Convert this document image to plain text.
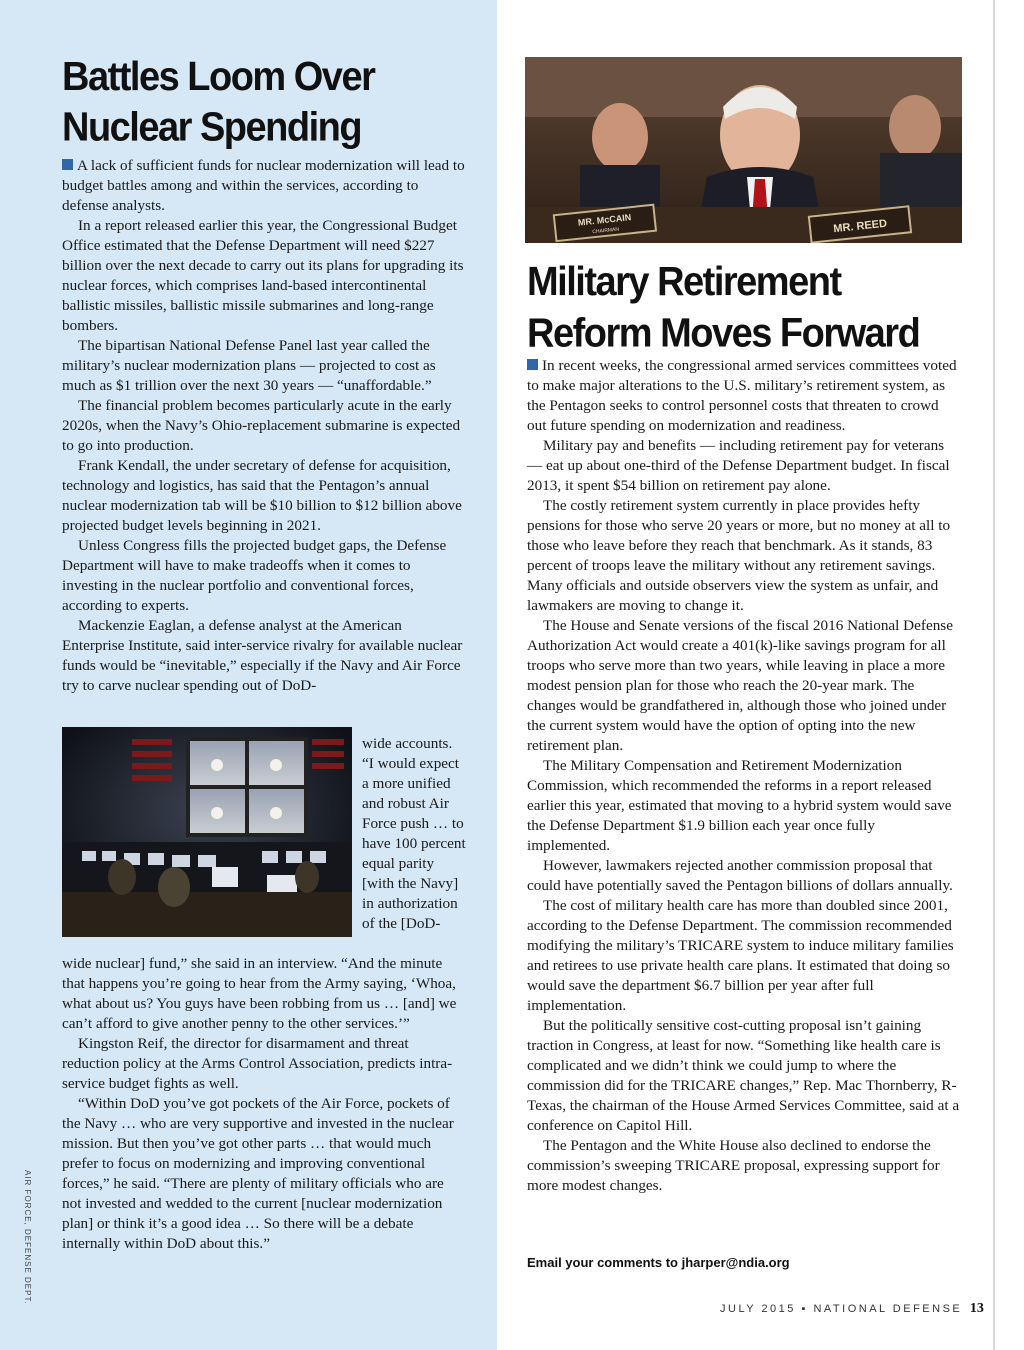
Battles Loom Over
Nuclear Spending

A lack of sufficient funds for nuclear modernization will lead to budget battles among and within the services, according to defense analysts.

In a report released earlier this year, the Congressional Budget Office estimated that the Defense Department will need $227 billion over the next decade to carry out its plans for upgrading its nuclear forces, which comprises land-based intercontinental ballistic missiles, ballistic missile submarines and long-range bombers.

The bipartisan National Defense Panel last year called the military’s nuclear modernization plans — projected to cost as much as $1 trillion over the next 30 years — “unaffordable.”

The financial problem becomes particularly acute in the early 2020s, when the Navy’s Ohio-replacement submarine is expected to go into production.

Frank Kendall, the under secretary of defense for acquisition, technology and logistics, has said that the Pentagon’s annual nuclear modernization tab will be $10 billion to $12 billion above projected budget levels beginning in 2021.

Unless Congress fills the projected budget gaps, the Defense Department will have to make tradeoffs when it comes to investing in the nuclear portfolio and conventional forces, according to experts.

Mackenzie Eaglan, a defense analyst at the American Enterprise Institute, said inter-service rivalry for available nuclear funds would be “inevitable,” especially if the Navy and Air Force try to carve nuclear spending out of DoD-

wide accounts. “I would expect a more unified and robust Air Force push … to have 100 percent equal parity [with the Navy] in authorization of the [DoD-

wide nuclear] fund,” she said in an interview. “And the minute that happens you’re going to hear from the Army saying, ‘Whoa, what about us? You guys have been robbing from us … [and] we can’t afford to give another penny to the other services.’”

Kingston Reif, the director for disarmament and threat reduction policy at the Arms Control Association, predicts intra-service budget fights as well.

“Within DoD you’ve got pockets of the Air Force, pockets of the Navy … who are very supportive and invested in the nuclear mission. But then you’ve got other parts … that would much prefer to focus on modernizing and improving conventional forces,” he said. “There are plenty of military officials who are not invested and wedded to the current [nuclear modernization plan] or think it’s a good idea … So there will be a debate internally within DoD about this.”

AIR FORCE, DEFENSE DEPT.
MR. McCAIN
CHAIRMAN	MR. REED
Military Retirement
Reform Moves Forward

In recent weeks, the congressional armed services committees voted to make major alterations to the U.S. military’s retirement system, as the Pentagon seeks to control personnel costs that threaten to crowd out future spending on modernization and readiness.

Military pay and benefits — including retirement pay for veterans — eat up about one-third of the Defense Department budget. In fiscal 2013, it spent $54 billion on retirement pay alone.

The costly retirement system currently in place provides hefty pensions for those who serve 20 years or more, but no money at all to those who leave before they reach that benchmark. As it stands, 83 percent of troops leave the military without any retirement savings. Many officials and outside observers view the system as unfair, and lawmakers are moving to change it.

The House and Senate versions of the fiscal 2016 National Defense Authorization Act would create a 401(k)-like savings program for all troops who serve more than two years, while leaving in place a more modest pension plan for those who reach the 20-year mark. The changes would be grandfathered in, although those who joined under the current system would have the option of opting into the new retirement plan.

The Military Compensation and Retirement Modernization Commission, which recommended the reforms in a report released earlier this year, estimated that moving to a hybrid system would save the Defense Department $1.9 billion each year once fully implemented.

However, lawmakers rejected another commission proposal that could have potentially saved the Pentagon billions of dollars annually.

The cost of military health care has more than doubled since 2001, according to the Defense Department. The commission recommended modifying the military’s TRICARE system to induce military families and retirees to use private health care plans. It estimated that doing so would save the department $6.7 billion per year after full implementation.

But the politically sensitive cost-cutting proposal isn’t gaining traction in Congress, at least for now. “Something like health care is complicated and we didn’t think we could jump to where the commission did for the TRICARE changes,” Rep. Mac Thornberry, R-Texas, the chairman of the House Armed Services Committee, said at a conference on Capitol Hill.

The Pentagon and the White House also declined to endorse the commission’s sweeping TRICARE proposal, expressing support for more modest changes.

Email your comments to jharper@ndia.org
JULY 2015 ▪ NATIONAL DEFENSE 13
